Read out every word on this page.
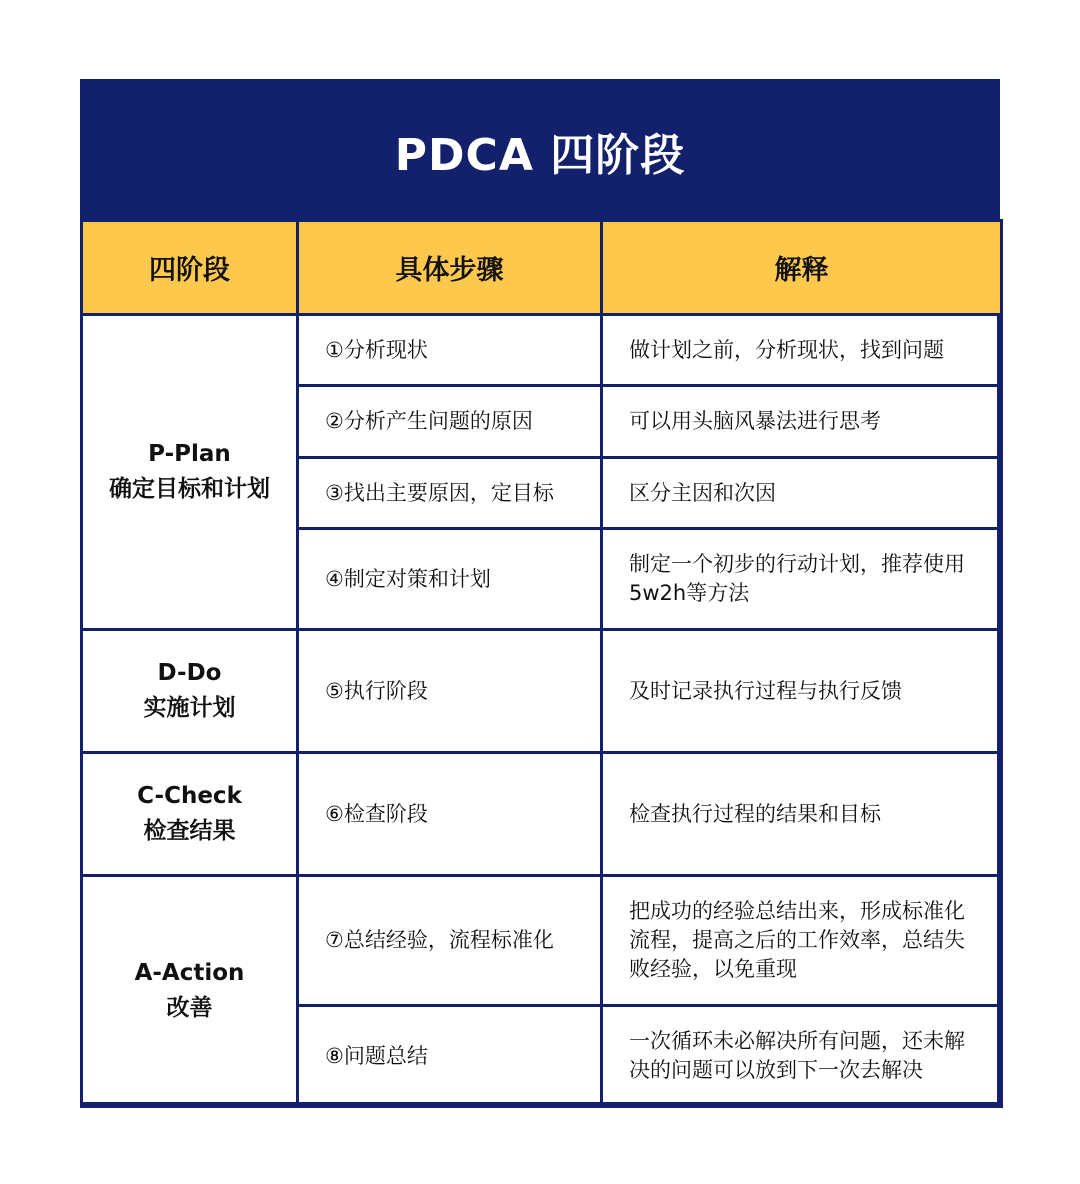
PDCA 四阶段
四阶段	具体步骤	解释

P-Plan
确定目标和计划	①分析现状	做计划之前，分析现状，找到问题
	②分析产生问题的原因	可以用头脑风暴法进行思考
	③找出主要原因，定目标	区分主因和次因
	④制定对策和计划	制定一个初步的行动计划，推荐使用5w2h等方法

D-Do
实施计划	⑤执行阶段	及时记录执行过程与执行反馈

C-Check
检查结果	⑥检查阶段	检查执行过程的结果和目标

A-Action
改善	⑦总结经验，流程标准化	把成功的经验总结出来，形成标准化流程，提高之后的工作效率，总结失败经验，以免重现
	⑧问题总结	一次循环未必解决所有问题，还未解决的问题可以放到下一次去解决
